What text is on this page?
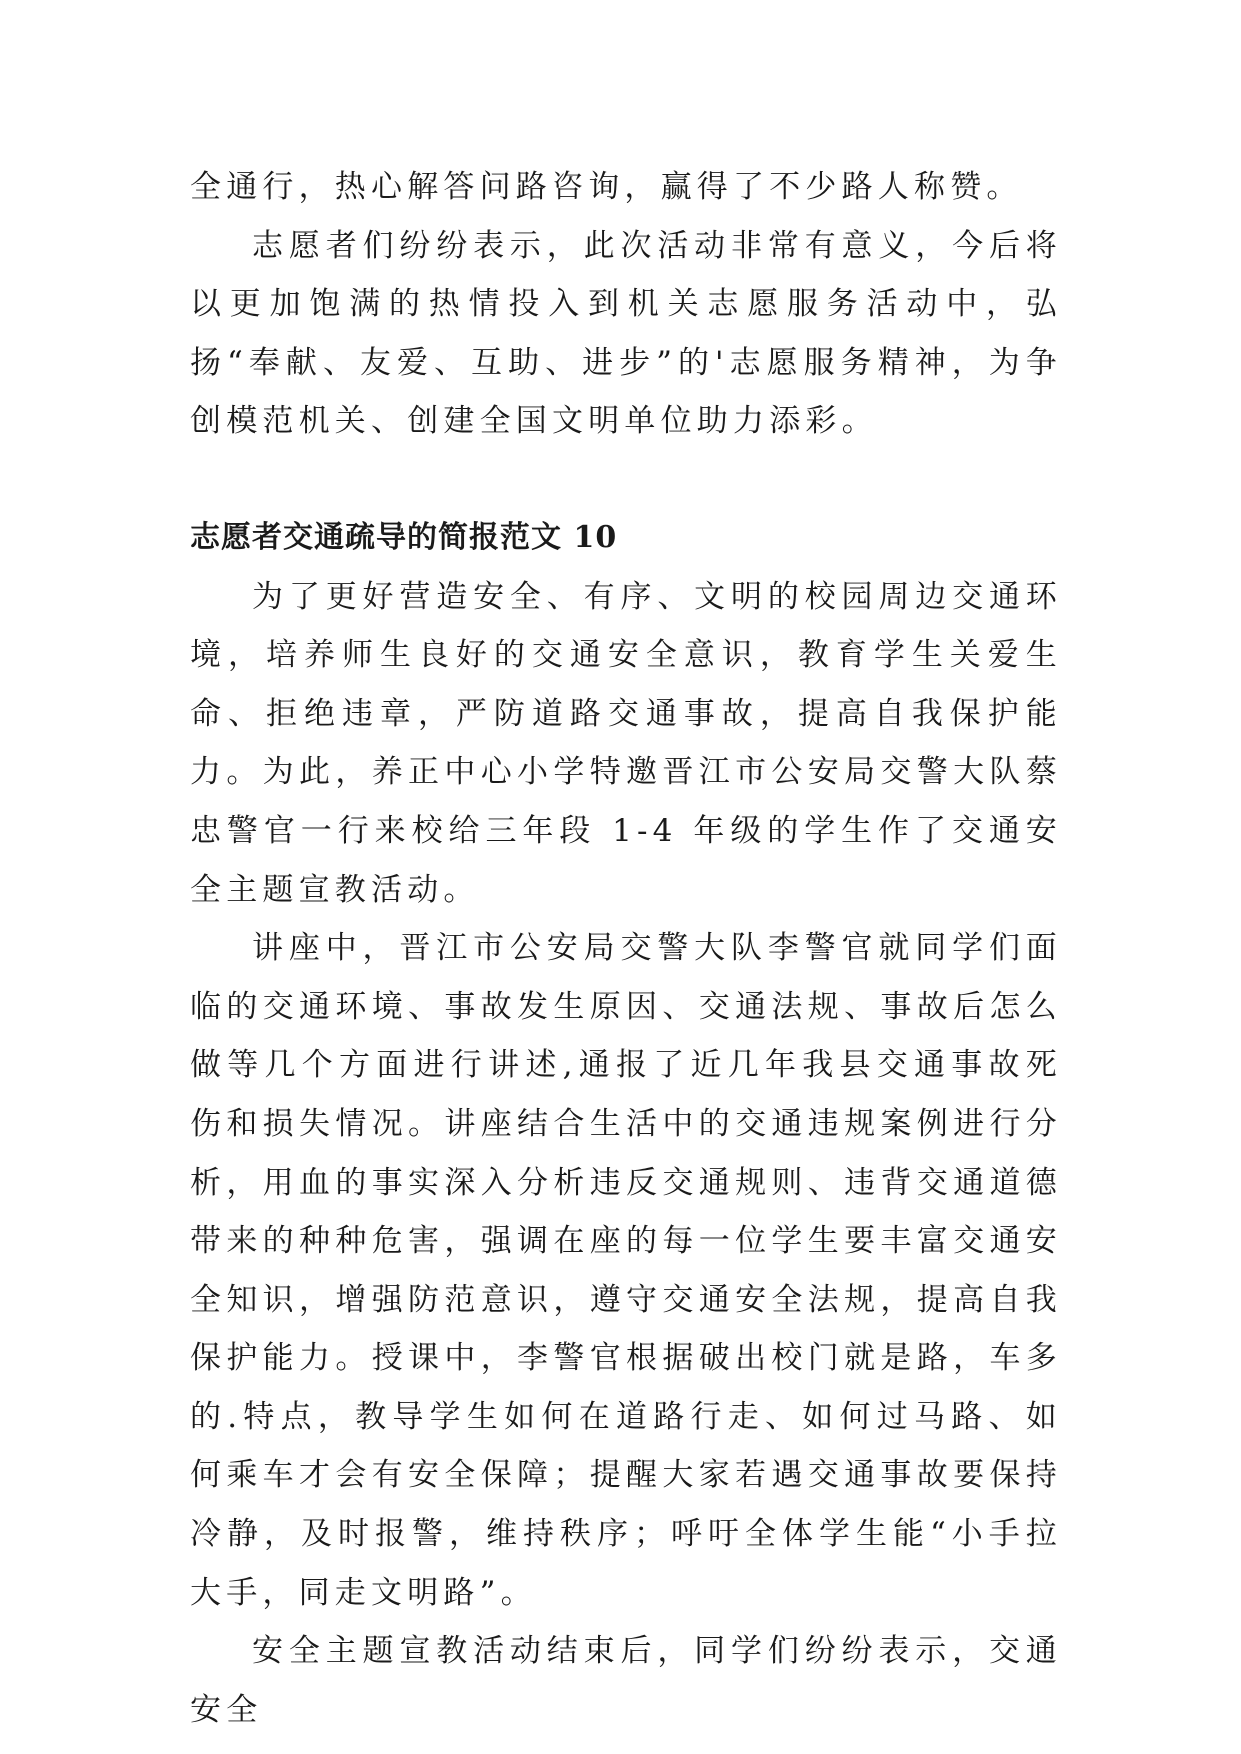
全通行，热心解答问路咨询，赢得了不少路人称赞。

志愿者们纷纷表示，此次活动非常有意义，今后将以更加饱满的热情投入到机关志愿服务活动中，弘扬“奉献、友爱、互助、进步”的'志愿服务精神，为争创模范机关、创建全国文明单位助力添彩。

志愿者交通疏导的简报范文 10

为了更好营造安全、有序、文明的校园周边交通环境，培养师生良好的交通安全意识，教育学生关爱生命、拒绝违章，严防道路交通事故，提高自我保护能力。为此，养正中心小学特邀晋江市公安局交警大队蔡忠警官一行来校给三年段 1-4 年级的学生作了交通安全主题宣教活动。

讲座中，晋江市公安局交警大队李警官就同学们面临的交通环境、事故发生原因、交通法规、事故后怎么做等几个方面进行讲述,通报了近几年我县交通事故死伤和损失情况。讲座结合生活中的交通违规案例进行分析，用血的事实深入分析违反交通规则、违背交通道德带来的种种危害，强调在座的每一位学生要丰富交通安全知识，增强防范意识，遵守交通安全法规，提高自我保护能力。授课中，李警官根据破出校门就是路，车多的.特点，教导学生如何在道路行走、如何过马路、如何乘车才会有安全保障；提醒大家若遇交通事故要保持冷静，及时报警，维持秩序；呼吁全体学生能“小手拉大手，同走文明路”。

安全主题宣教活动结束后，同学们纷纷表示，交通安全
